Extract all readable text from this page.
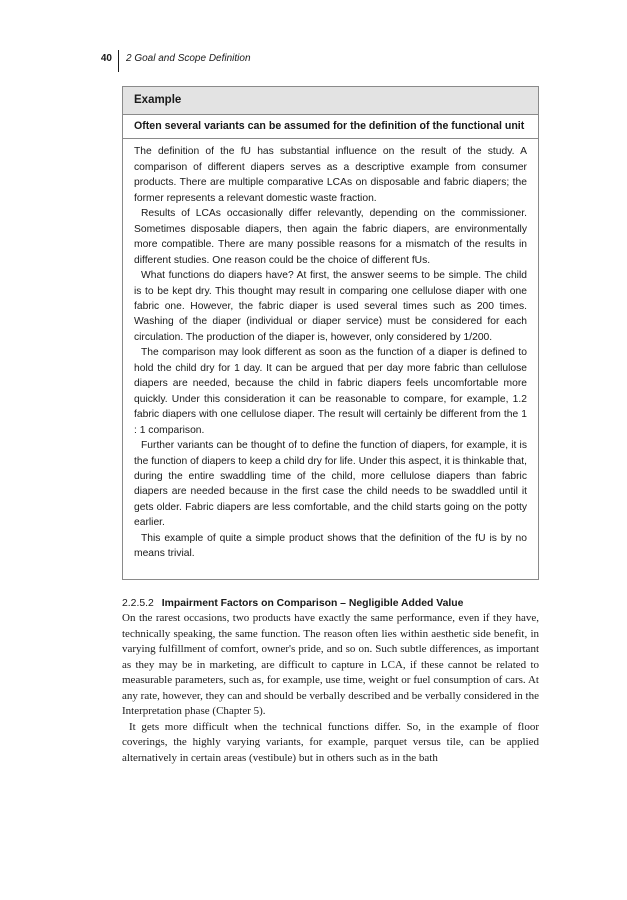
40 2 Goal and Scope Definition
Example
Often several variants can be assumed for the definition of the functional unit

The definition of the fU has substantial influence on the result of the study. A comparison of different diapers serves as a descriptive example from consumer products. There are multiple comparative LCAs on disposable and fabric diapers; the former represents a relevant domestic waste fraction.

Results of LCAs occasionally differ relevantly, depending on the commissioner. Sometimes disposable diapers, then again the fabric diapers, are environmentally more compatible. There are many possible reasons for a mismatch of the results in different studies. One reason could be the choice of different fUs.

What functions do diapers have? At first, the answer seems to be simple. The child is to be kept dry. This thought may result in comparing one cellulose diaper with one fabric one. However, the fabric diaper is used several times such as 200 times. Washing of the diaper (individual or diaper service) must be considered for each circulation. The production of the diaper is, however, only considered by 1/200.

The comparison may look different as soon as the function of a diaper is defined to hold the child dry for 1 day. It can be argued that per day more fabric than cellulose diapers are needed, because the child in fabric diapers feels uncomfortable more quickly. Under this consideration it can be reasonable to compare, for example, 1.2 fabric diapers with one cellulose diaper. The result will certainly be different from the 1 : 1 comparison.

Further variants can be thought of to define the function of diapers, for example, it is the function of diapers to keep a child dry for life. Under this aspect, it is thinkable that, during the entire swaddling time of the child, more cellulose diapers than fabric diapers are needed because in the first case the child needs to be swaddled until it gets older. Fabric diapers are less comfortable, and the child starts going on the potty earlier.

This example of quite a simple product shows that the definition of the fU is by no means trivial.

2.2.5.2 Impairment Factors on Comparison – Negligible Added Value

On the rarest occasions, two products have exactly the same performance, even if they have, technically speaking, the same function. The reason often lies within aesthetic side benefit, in varying fulfillment of comfort, owner's pride, and so on. Such subtle differences, as important as they may be in marketing, are difficult to capture in LCA, if these cannot be related to measurable parameters, such as, for example, use time, weight or fuel consumption of cars. At any rate, however, they can and should be verbally described and be verbally considered in the Interpretation phase (Chapter 5).

It gets more difficult when the technical functions differ. So, in the example of floor coverings, the highly varying variants, for example, parquet versus tile, can be applied alternatively in certain areas (vestibule) but in others such as in the bath
